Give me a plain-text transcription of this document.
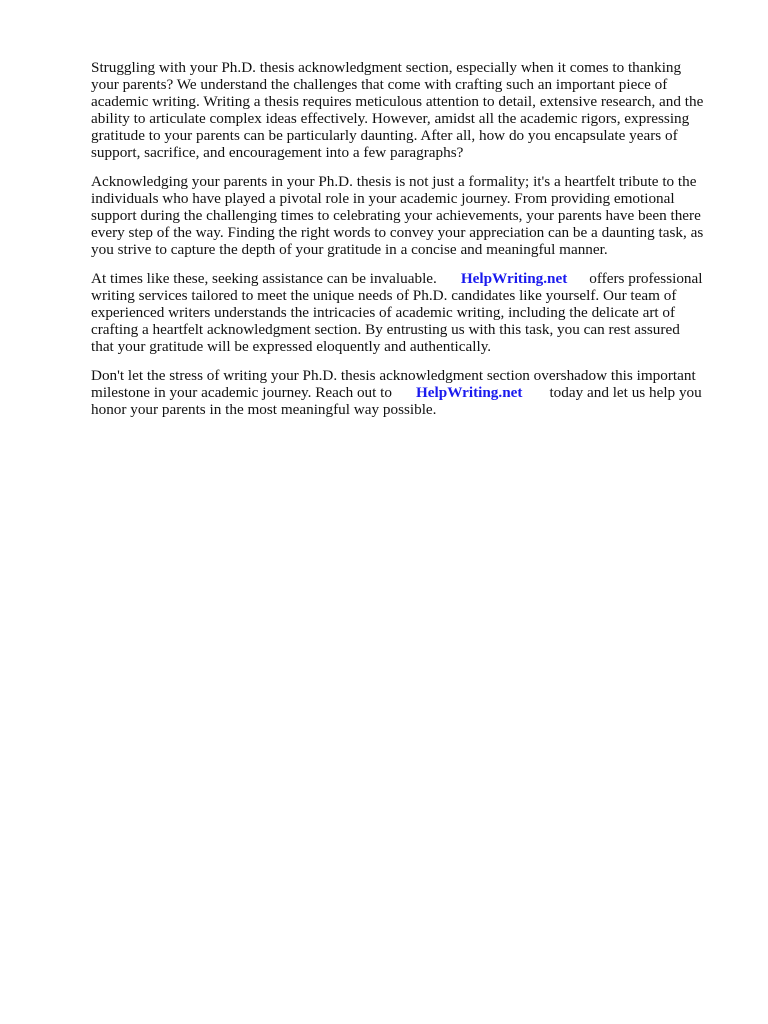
Struggling with your Ph.D. thesis acknowledgment section, especially when it comes to thanking
your parents? We understand the challenges that come with crafting such an important piece of
academic writing. Writing a thesis requires meticulous attention to detail, extensive research, and the
ability to articulate complex ideas effectively. However, amidst all the academic rigors, expressing
gratitude to your parents can be particularly daunting. After all, how do you encapsulate years of
support, sacrifice, and encouragement into a few paragraphs?

Acknowledging your parents in your Ph.D. thesis is not just a formality; it's a heartfelt tribute to the
individuals who have played a pivotal role in your academic journey. From providing emotional
support during the challenging times to celebrating your achievements, your parents have been there
every step of the way. Finding the right words to convey your appreciation can be a daunting task, as
you strive to capture the depth of your gratitude in a concise and meaningful manner.

At times like these, seeking assistance can be invaluable. HelpWriting.net offers professional
writing services tailored to meet the unique needs of Ph.D. candidates like yourself. Our team of
experienced writers understands the intricacies of academic writing, including the delicate art of
crafting a heartfelt acknowledgment section. By entrusting us with this task, you can rest assured
that your gratitude will be expressed eloquently and authentically.

Don't let the stress of writing your Ph.D. thesis acknowledgment section overshadow this important
milestone in your academic journey. Reach out to HelpWriting.net today and let us help you
honor your parents in the most meaningful way possible.
